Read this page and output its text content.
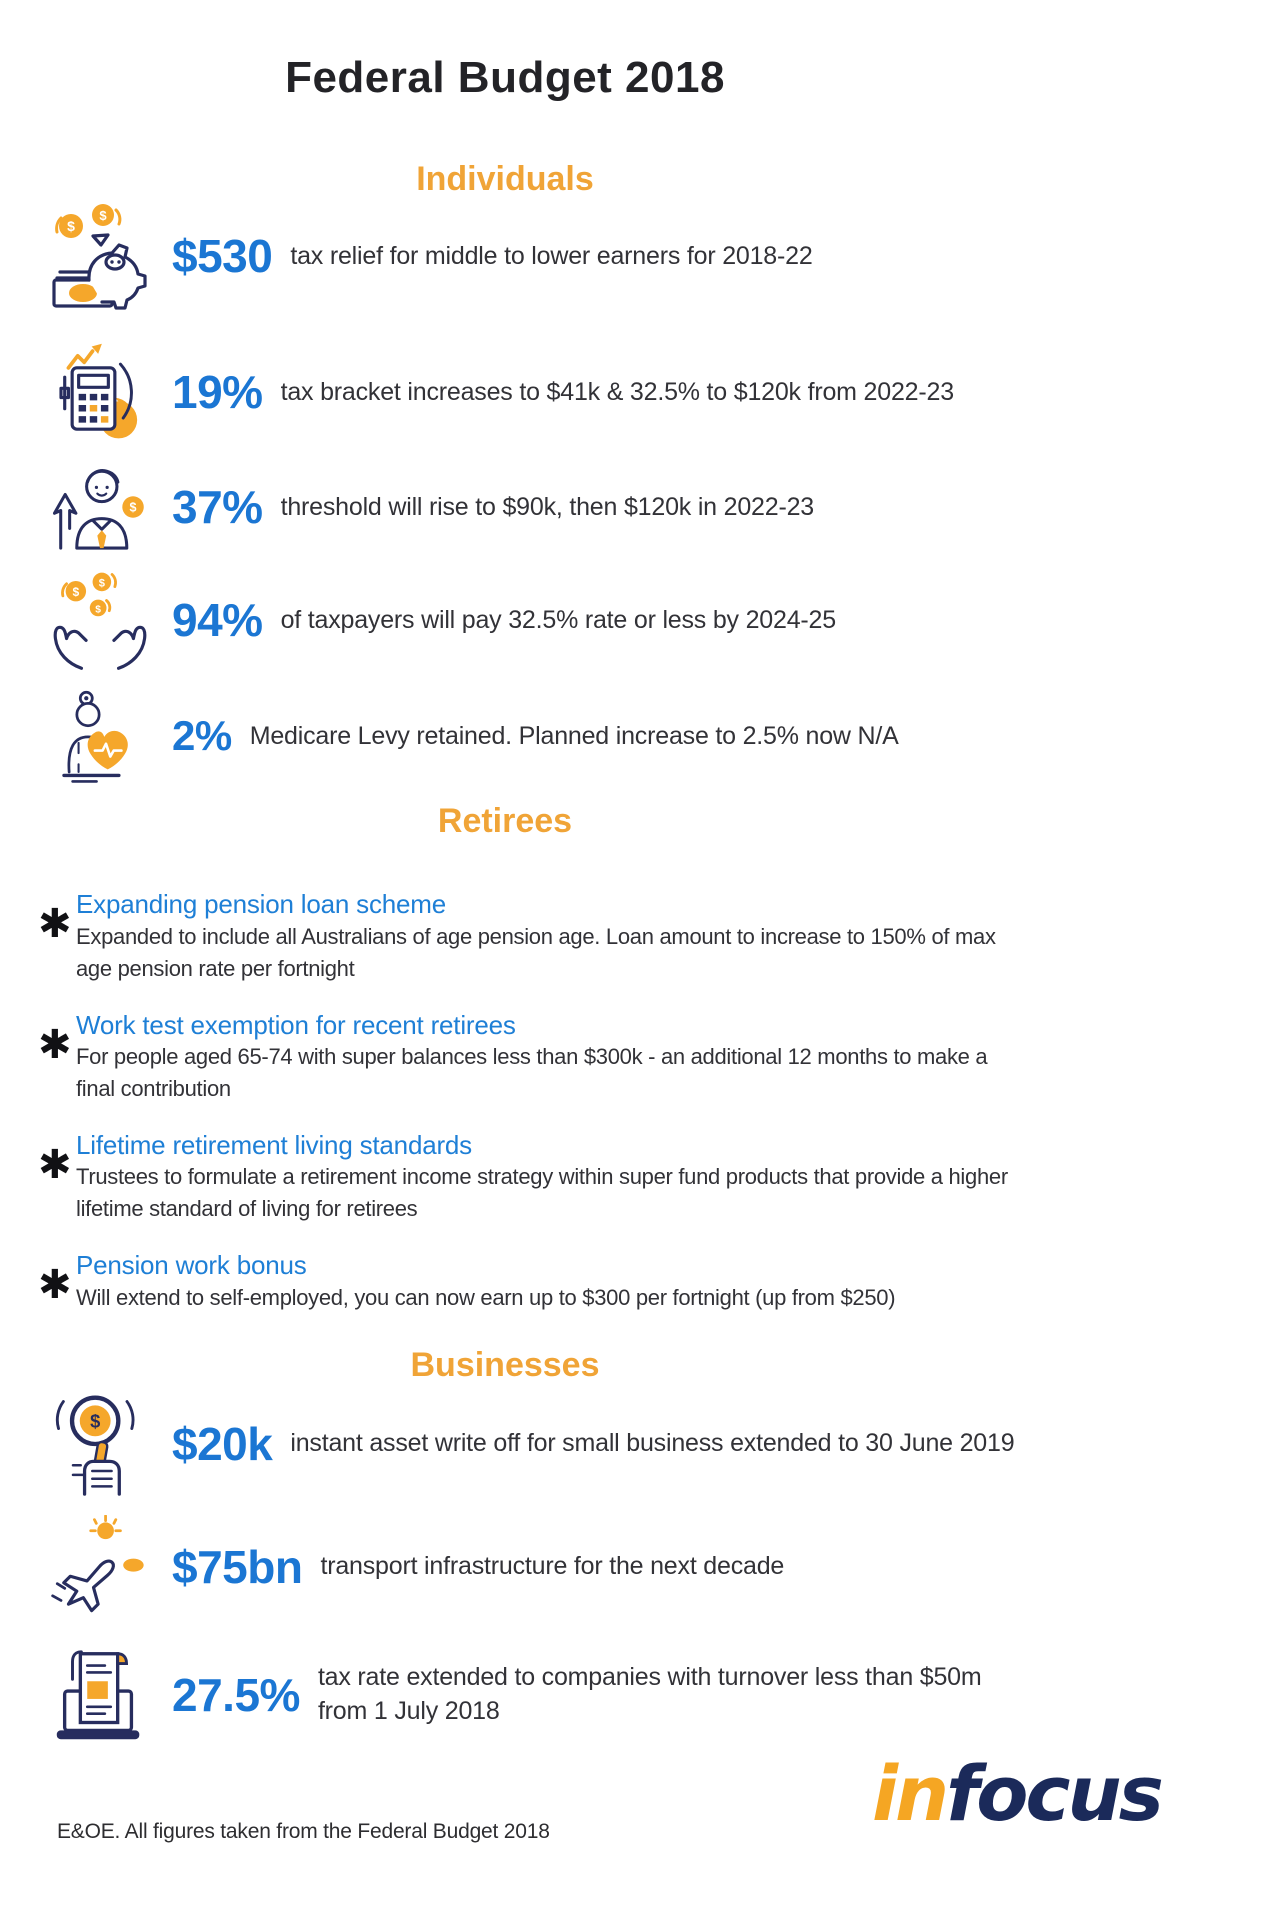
Federal Budget 2018
Individuals
$
$
$530 tax relief for middle to lower earners for 2018-22
19% tax bracket increases to $41k & 32.5% to $120k from 2022-23
$ 37% threshold will rise to $90k, then $120k in 2022-23
$
$
$ 94% of taxpayers will pay 32.5% rate or less by 2024-25
2% Medicare Levy retained. Planned increase to 2.5% now N/A
Retirees
✱ Expanding pension loan scheme
Expanded to include all Australians of age pension age. Loan amount to increase to 150% of max age pension rate per fortnight
✱ Work test exemption for recent retirees
For people aged 65-74 with super balances less than $300k - an additional 12 months to make a final contribution
✱ Lifetime retirement living standards
Trustees to formulate a retirement income strategy within super fund products that provide a higher lifetime standard of living for retirees
✱ Pension work bonus
Will extend to self-employed, you can now earn up to $300 per fortnight (up from $250)
Businesses
$ $20k instant asset write off for small business extended to 30 June 2019
$75bn transport infrastructure for the next decade
27.5% tax rate extended to companies with turnover less than $50m from 1 July 2018
E&OE. All figures taken from the Federal Budget 2018	infocus
